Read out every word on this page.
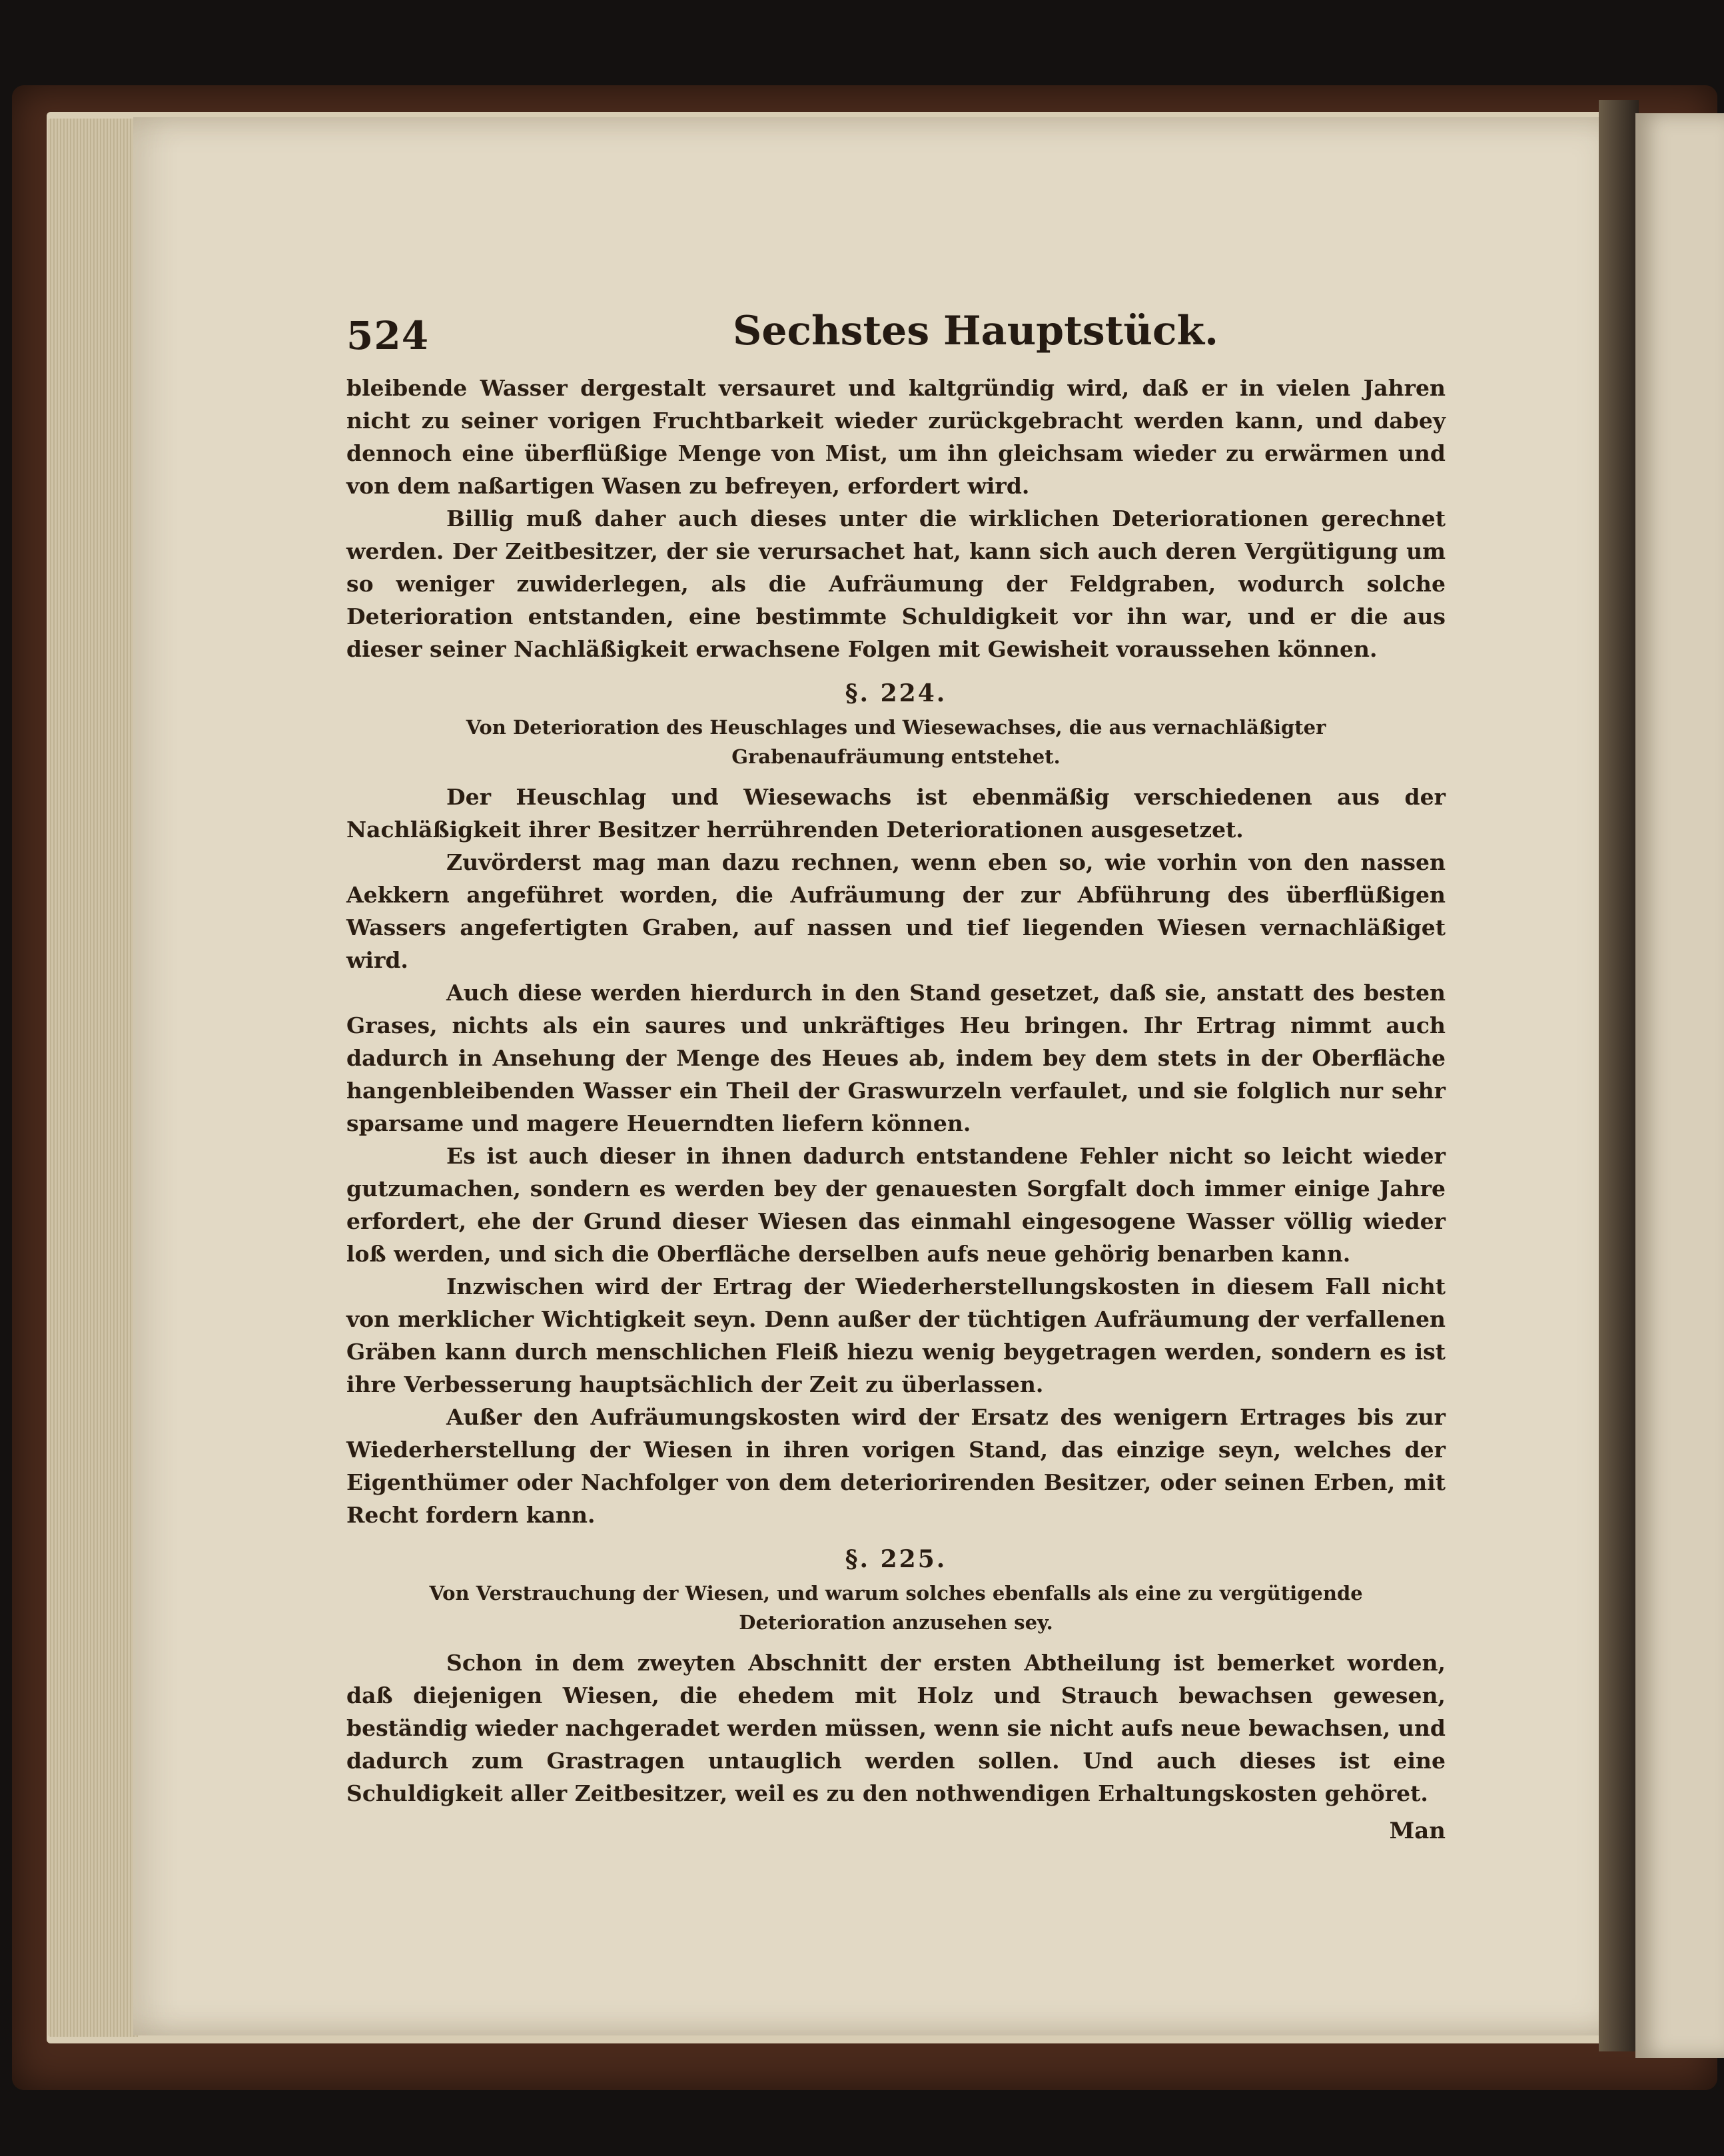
524	Sechstes Hauptstück.

bleibende Wasser dergestalt versauret und kaltgründig wird, daß er in vielen Jahren nicht zu seiner vorigen Fruchtbarkeit wieder zurückgebracht werden kann, und dabey dennoch eine überflüßige Menge von Mist, um ihn gleichsam wieder zu erwärmen und von dem naßartigen Wasen zu befreyen, erfordert wird.

Billig muß daher auch dieses unter die wirklichen Deteriorationen gerechnet werden. Der Zeitbesitzer, der sie verursachet hat, kann sich auch deren Vergütigung um so weniger zuwiderlegen, als die Aufräumung der Feldgraben, wodurch solche Deterioration entstanden, eine bestimmte Schuldigkeit vor ihn war, und er die aus dieser seiner Nachläßigkeit erwachsene Folgen mit Gewisheit voraussehen können.

§. 224.
Von Deterioration des Heuschlages und Wiesewachses, die aus vernachläßigter Grabenaufräumung entstehet.

Der Heuschlag und Wiesewachs ist ebenmäßig verschiedenen aus der Nachläßigkeit ihrer Besitzer herrührenden Deteriorationen ausgesetzet.

Zuvörderst mag man dazu rechnen, wenn eben so, wie vorhin von den nassen Aekkern angeführet worden, die Aufräumung der zur Abführung des überflüßigen Wassers angefertigten Graben, auf nassen und tief liegenden Wiesen vernachläßiget wird.

Auch diese werden hierdurch in den Stand gesetzet, daß sie, anstatt des besten Grases, nichts als ein saures und unkräftiges Heu bringen. Ihr Ertrag nimmt auch dadurch in Ansehung der Menge des Heues ab, indem bey dem stets in der Oberfläche hangenbleibenden Wasser ein Theil der Graswurzeln verfaulet, und sie folglich nur sehr sparsame und magere Heuerndten liefern können.

Es ist auch dieser in ihnen dadurch entstandene Fehler nicht so leicht wieder gutzumachen, sondern es werden bey der genauesten Sorgfalt doch immer einige Jahre erfordert, ehe der Grund dieser Wiesen das einmahl eingesogene Wasser völlig wieder loß werden, und sich die Oberfläche derselben aufs neue gehörig benarben kann.

Inzwischen wird der Ertrag der Wiederherstellungskosten in diesem Fall nicht von merklicher Wichtigkeit seyn. Denn außer der tüchtigen Aufräumung der verfallenen Gräben kann durch menschlichen Fleiß hiezu wenig beygetragen werden, sondern es ist ihre Verbesserung hauptsächlich der Zeit zu überlassen.

Außer den Aufräumungskosten wird der Ersatz des wenigern Ertrages bis zur Wiederherstellung der Wiesen in ihren vorigen Stand, das einzige seyn, welches der Eigenthümer oder Nachfolger von dem deteriorirenden Besitzer, oder seinen Erben, mit Recht fordern kann.

§. 225.
Von Verstrauchung der Wiesen, und warum solches ebenfalls als eine zu vergütigende Deterioration anzusehen sey.

Schon in dem zweyten Abschnitt der ersten Abtheilung ist bemerket worden, daß diejenigen Wiesen, die ehedem mit Holz und Strauch bewachsen gewesen, beständig wieder nachgeradet werden müssen, wenn sie nicht aufs neue bewachsen, und dadurch zum Grastragen untauglich werden sollen. Und auch dieses ist eine Schuldigkeit aller Zeitbesitzer, weil es zu den nothwendigen Erhaltungskosten gehöret.

Man
